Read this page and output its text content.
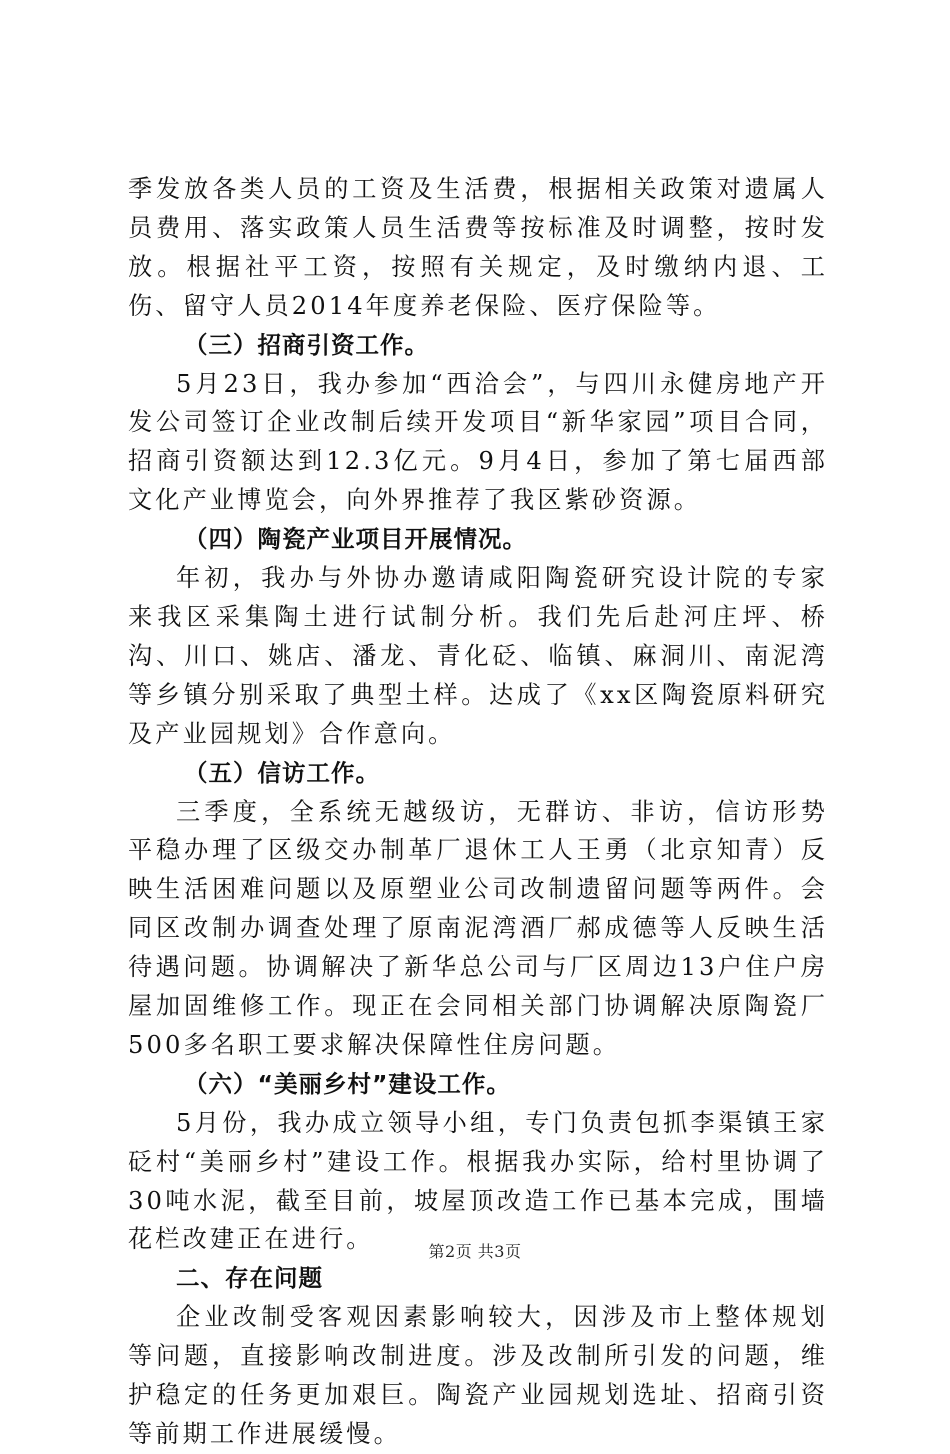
季发放各类人员的工资及生活费，根据相关政策对遗属人员费用、落实政策人员生活费等按标准及时调整，按时发放。根据社平工资，按照有关规定，及时缴纳内退、工伤、留守人员2014年度养老保险、医疗保险等。

（三）招商引资工作。

5月23日，我办参加“西洽会”，与四川永健房地产开发公司签订企业改制后续开发项目“新华家园”项目合同，招商引资额达到12.3亿元。9月4日，参加了第七届西部文化产业博览会，向外界推荐了我区紫砂资源。

（四）陶瓷产业项目开展情况。

年初，我办与外协办邀请咸阳陶瓷研究设计院的专家来我区采集陶土进行试制分析。我们先后赴河庄坪、桥沟、川口、姚店、潘龙、青化砭、临镇、麻洞川、南泥湾等乡镇分别采取了典型土样。达成了《xx区陶瓷原料研究及产业园规划》合作意向。

（五）信访工作。

三季度，全系统无越级访，无群访、非访，信访形势平稳办理了区级交办制革厂退休工人王勇（北京知青）反映生活困难问题以及原塑业公司改制遗留问题等两件。会同区改制办调查处理了原南泥湾酒厂郝成德等人反映生活待遇问题。协调解决了新华总公司与厂区周边13户住户房屋加固维修工作。现正在会同相关部门协调解决原陶瓷厂500多名职工要求解决保障性住房问题。

（六）“美丽乡村”建设工作。

5月份，我办成立领导小组，专门负责包抓李渠镇王家砭村“美丽乡村”建设工作。根据我办实际，给村里协调了30吨水泥，截至目前，坡屋顶改造工作已基本完成，围墙花栏改建正在进行。

二、存在问题

企业改制受客观因素影响较大，因涉及市上整体规划等问题，直接影响改制进度。涉及改制所引发的问题，维护稳定的任务更加艰巨。陶瓷产业园规划选址、招商引资等前期工作进展缓慢。

第2页 共3页
